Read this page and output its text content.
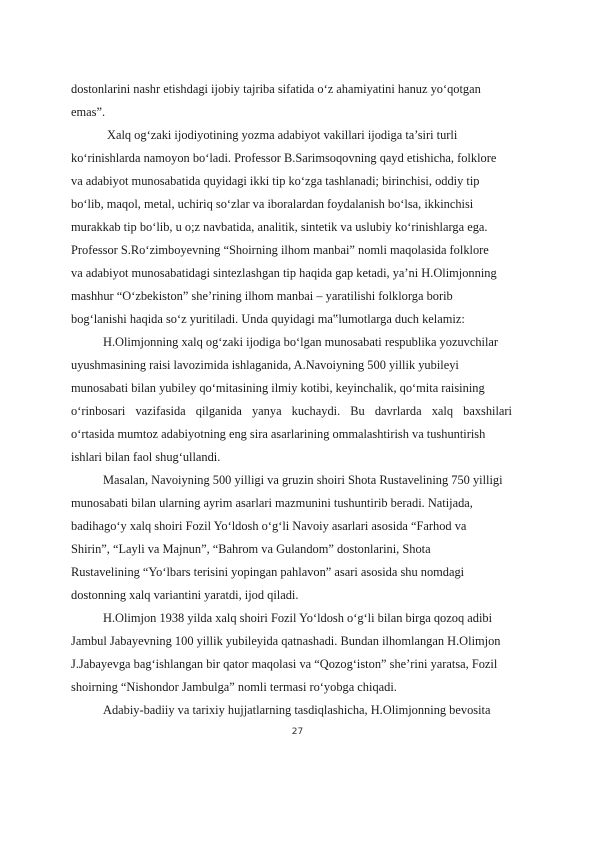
dostonlarini nashr etishdagi ijobiy tajriba sifatida o‘z ahamiyatini hanuz yo‘qotgan
emas”.
Xalq og‘zaki ijodiyotining yozma adabiyot vakillari ijodiga ta’siri turli
ko‘rinishlarda namoyon bo‘ladi. Professor B.Sarimsoqovning qayd etishicha, folklore
va adabiyot munosabatida quyidagi ikki tip ko‘zga tashlanadi; birinchisi, oddiy tip
bo‘lib, maqol, metal, uchiriq so‘zlar va iboralardan foydalanish bo‘lsa, ikkinchisi
murakkab tip bo‘lib, u o;z navbatida, analitik, sintetik va uslubiy ko‘rinishlarga ega.
Professor S.Ro‘zimboyevning “Shoirning ilhom manbai” nomli maqolasida folklore
va adabiyot munosabatidagi sintezlashgan tip haqida gap ketadi, ya’ni H.Olimjonning
mashhur “O‘zbekiston” she’rining ilhom manbai – yaratilishi folklorga borib
bog‘lanishi haqida so‘z yuritiladi. Unda quyidagi ma‟lumotlarga duch kelamiz:
H.Olimjonning xalq og‘zaki ijodiga bo‘lgan munosabati respublika yozuvchilar
uyushmasining raisi lavozimida ishlaganida, A.Navoiyning 500 yillik yubileyi
munosabati bilan yubiley qo‘mitasining ilmiy kotibi, keyinchalik, qo‘mita raisining
o‘rinbosari vazifasida qilganida yanya kuchaydi. Bu davrlarda xalq baxshilari
o‘rtasida mumtoz adabiyotning eng sira asarlarining ommalashtirish va tushuntirish
ishlari bilan faol shug‘ullandi.
Masalan, Navoiyning 500 yilligi va gruzin shoiri Shota Rustavelining 750 yilligi
munosabati bilan ularning ayrim asarlari mazmunini tushuntirib beradi. Natijada,
badihago‘y xalq shoiri Fozil Yo‘ldosh o‘g‘li Navoiy asarlari asosida “Farhod va
Shirin”, “Layli va Majnun”, “Bahrom va Gulandom” dostonlarini, Shota
Rustavelining “Yo‘lbars terisini yopingan pahlavon” asari asosida shu nomdagi
dostonning xalq variantini yaratdi, ijod qiladi.
H.Olimjon 1938 yilda xalq shoiri Fozil Yo‘ldosh o‘g‘li bilan birga qozoq adibi
Jambul Jabayevning 100 yillik yubileyida qatnashadi. Bundan ilhomlangan H.Olimjon
J.Jabayevga bag‘ishlangan bir qator maqolasi va “Qozog‘iston” she’rini yaratsa, Fozil
shoirning “Nishondor Jambulga” nomli termasi ro‘yobga chiqadi.
Adabiy-badiiy va tarixiy hujjatlarning tasdiqlashicha, H.Olimjonning bevosita
27
